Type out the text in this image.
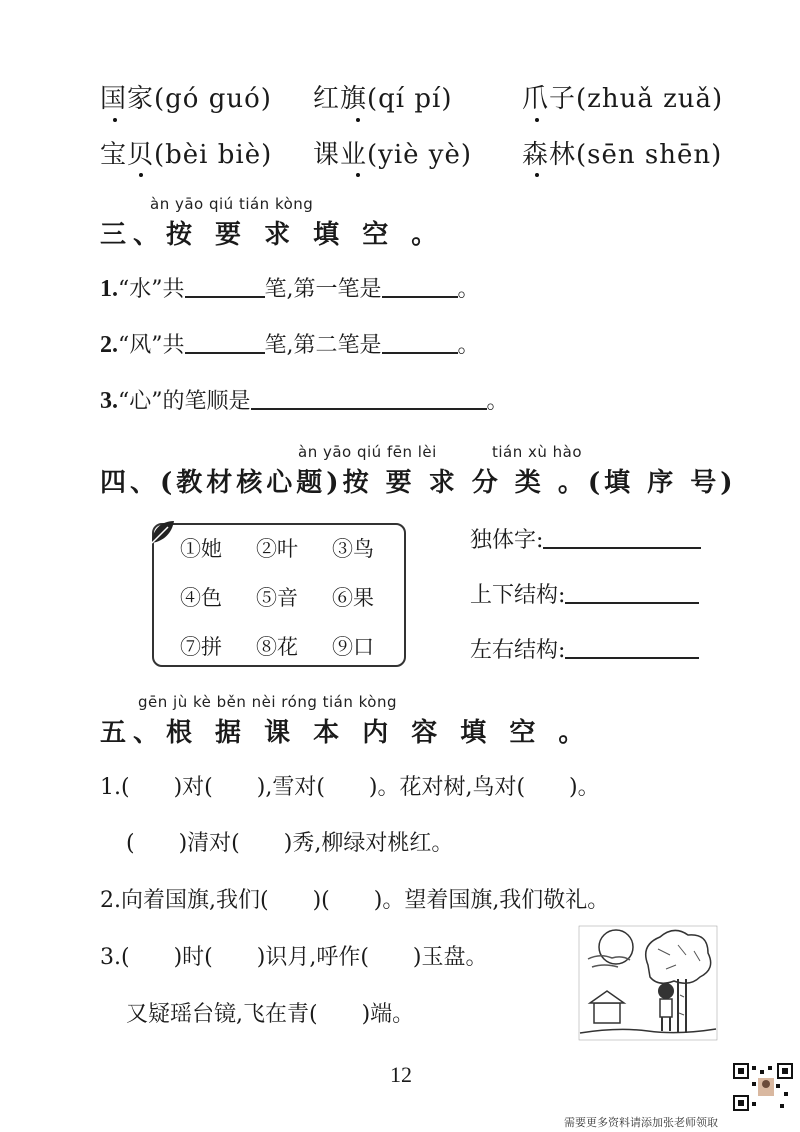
国家(gó guó) 红旗(qí pí)	爪子(zhuǎ zuǎ)
宝贝(bèi biè) 课业(yiè yè) 森林(sēn shēn)
àn yāo qiú tián kòng
三、按 要 求 填 空 。
1.“水”共	笔,第一笔是	。
2.“风”共	笔,第二笔是	。
3.“心”的笔顺是	。
àn yāo qiú fēn lèi	tián xù hào
四、(教材核心题)按 要 求 分 类 。(填 序 号)
①她 ②叶 ③鸟
④色 ⑤音 ⑥果
⑦拼 ⑧花 ⑨口
独体字:
上下结构:
左右结构:
gēn jù kè běn nèi róng tián kòng
五、根 据 课 本 内 容 填 空 。
1.(　　)对(　　),雪对(　　)。花对树,鸟对(　　)。
(　　)清对(　　)秀,柳绿对桃红。
2.向着国旗,我们(　　)(　　)。望着国旗,我们敬礼。
3.(　　)时(　　)识月,呼作(　　)玉盘。
又疑瑶台镜,飞在青(　　)端。
12
需要更多资料请添加张老师领取
